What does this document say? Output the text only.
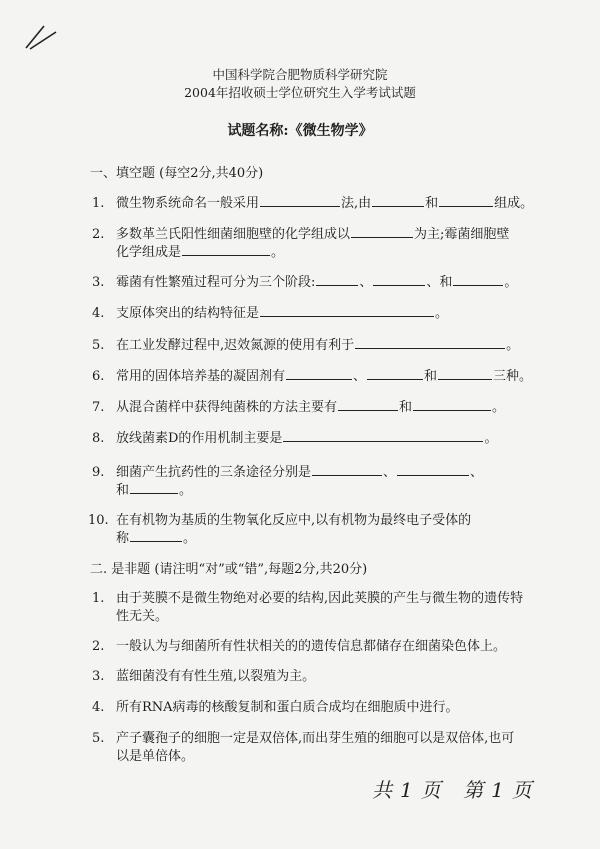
中国科学院合肥物质科学研究院
2004年招收硕士学位研究生入学考试试题
试题名称:《微生物学》
一、填空题 (每空2分,共40分)
1. 微生物系统命名一般采用	法,由	和	组成。
2. 多数革兰氏阳性细菌细胞壁的化学组成以	为主;霉菌细胞壁
化学组成是	。
3. 霉菌有性繁殖过程可分为三个阶段:	、	、和	。
4. 支原体突出的结构特征是	。
5. 在工业发酵过程中,迟效氮源的使用有利于	。
6. 常用的固体培养基的凝固剂有	、	和	三种。
7. 从混合菌样中获得纯菌株的方法主要有	和	。
8. 放线菌素D的作用机制主要是	。
9. 细菌产生抗药性的三条途径分别是	、	、
和	。
10. 在有机物为基质的生物氧化反应中,以有机物为最终电子受体的
称	。
二. 是非题 (请注明“对”或“错”,每题2分,共20分)
1. 由于荚膜不是微生物绝对必要的结构,因此荚膜的产生与微生物的遗传特
性无关。
2. 一般认为与细菌所有性状相关的的遗传信息都储存在细菌染色体上。
3. 蓝细菌没有有性生殖,以裂殖为主。
4. 所有RNA病毒的核酸复制和蛋白质合成均在细胞质中进行。
5. 产子囊孢子的细胞一定是双倍体,而出芽生殖的细胞可以是双倍体,也可
以是单倍体。
共1页 第1页
